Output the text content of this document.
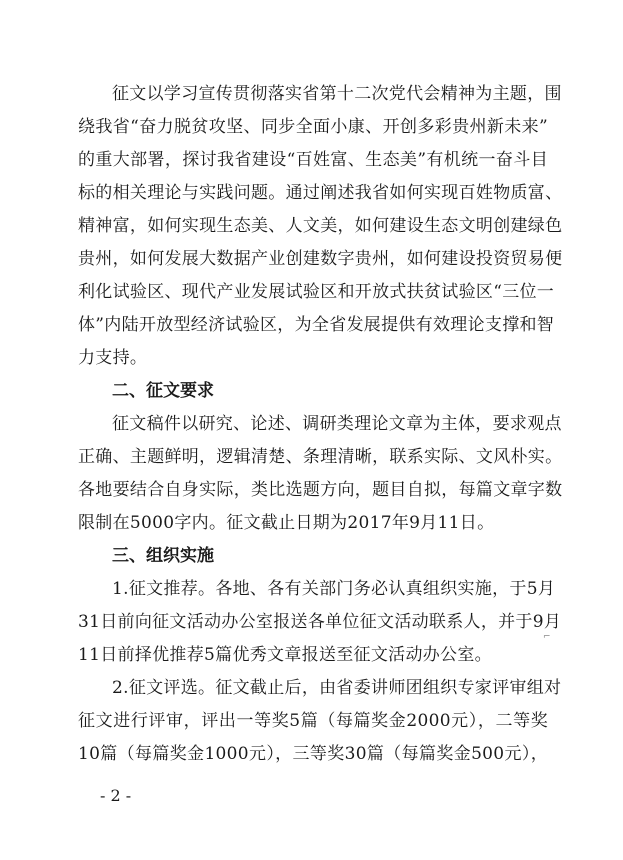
征文以学习宣传贯彻落实省第十二次党代会精神为主题，围
绕我省“奋力脱贫攻坚、同步全面小康、开创多彩贵州新未来”
的重大部署，探讨我省建设“百姓富、生态美”有机统一奋斗目
标的相关理论与实践问题。通过阐述我省如何实现百姓物质富、
精神富，如何实现生态美、人文美，如何建设生态文明创建绿色
贵州，如何发展大数据产业创建数字贵州，如何建设投资贸易便
利化试验区、现代产业发展试验区和开放式扶贫试验区“三位一
体”内陆开放型经济试验区，为全省发展提供有效理论支撑和智
力支持。
二、征文要求
征文稿件以研究、论述、调研类理论文章为主体，要求观点
正确、主题鲜明，逻辑清楚、条理清晰，联系实际、文风朴实。
各地要结合自身实际，类比选题方向，题目自拟，每篇文章字数
限制在5000字内。征文截止日期为2017年9月11日。
三、组织实施
1.征文推荐。各地、各有关部门务必认真组织实施，于5月
31日前向征文活动办公室报送各单位征文活动联系人，并于9月
11日前择优推荐5篇优秀文章报送至征文活动办公室。
2.征文评选。征文截止后，由省委讲师团组织专家评审组对
征文进行评审，评出一等奖5篇（每篇奖金2000元），二等奖
10篇（每篇奖金1000元），三等奖30篇（每篇奖金500元），
⌐
- 2 -
